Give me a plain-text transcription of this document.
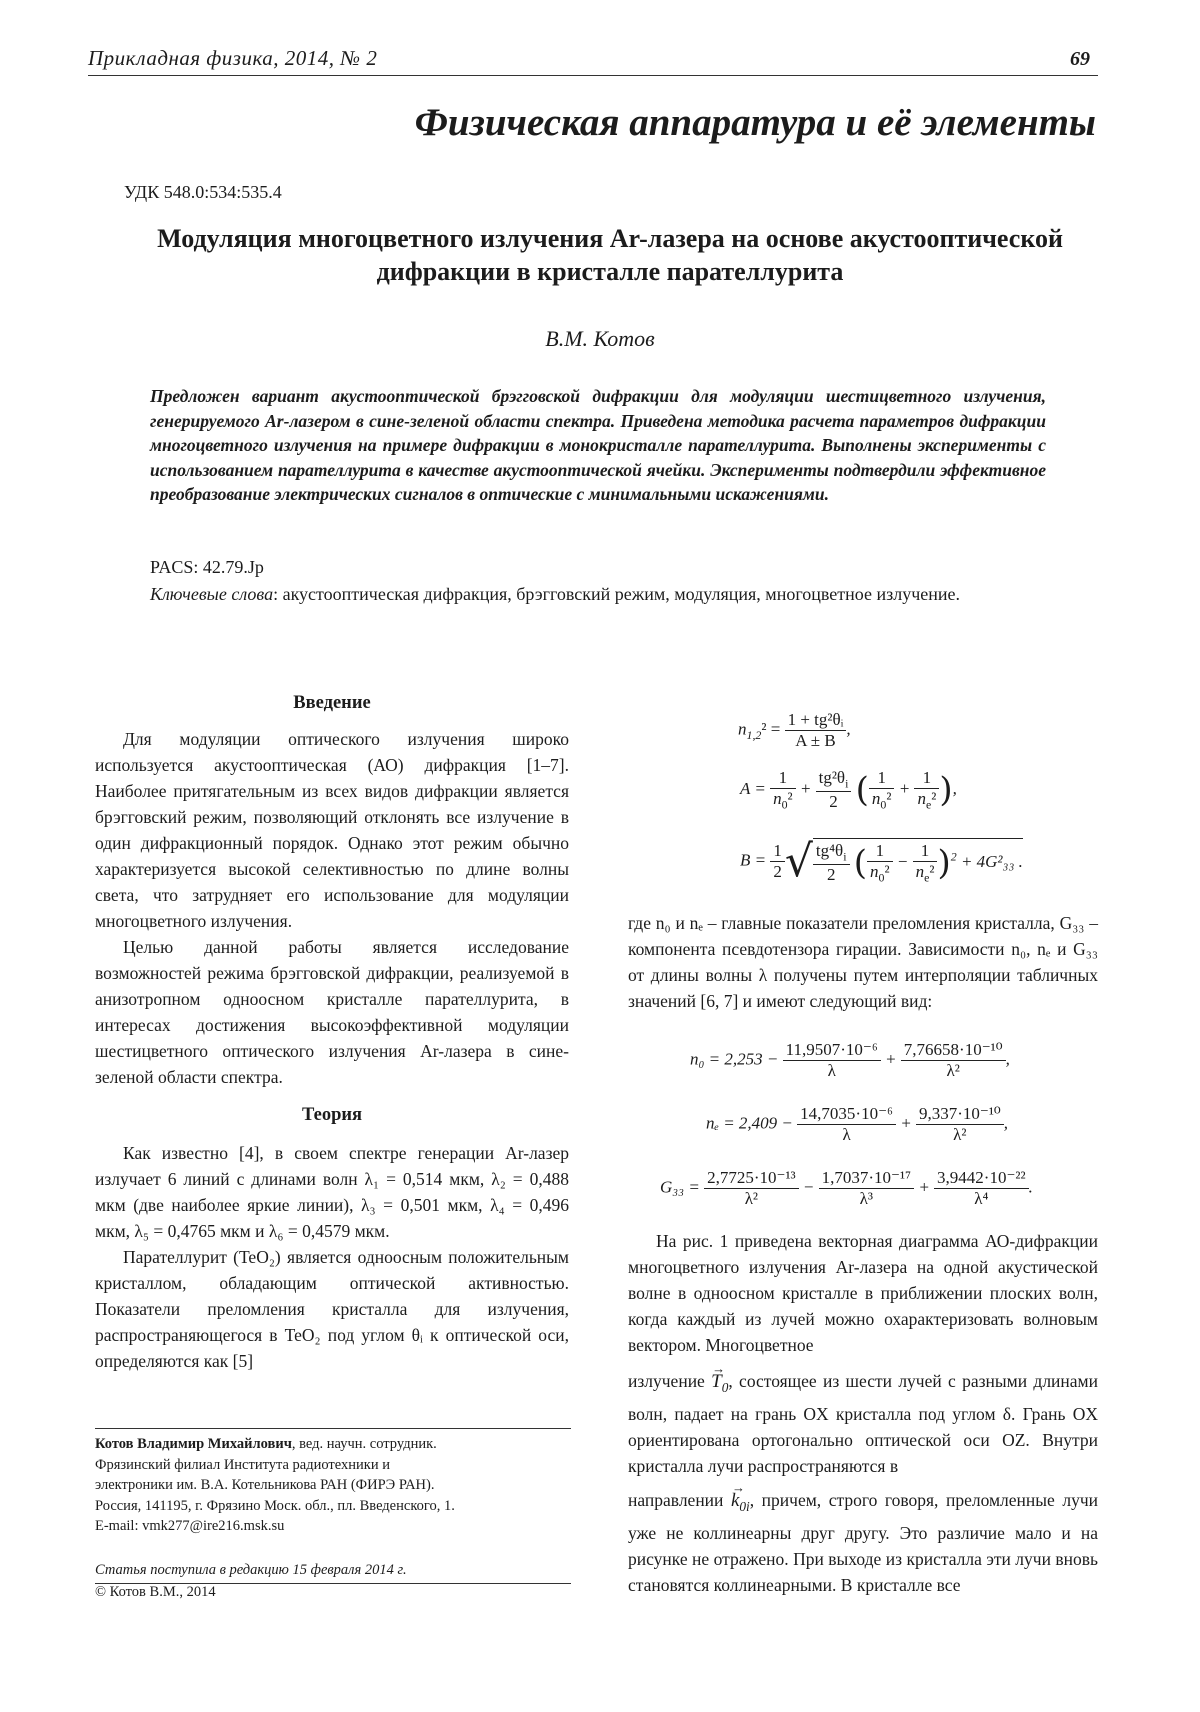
Прикладная физика, 2014, № 2	69
Физическая аппаратура и её элементы
УДК 548.0:534:535.4
Модуляция многоцветного излучения Ar-лазера на основе акустооптической дифракции в кристалле парателлурита
В.М. Котов
Предложен вариант акустооптической брэгговской дифракции для модуляции шестицветного излучения, генерируемого Ar-лазером в сине-зеленой области спектра. Приведена методика расчета параметров дифракции многоцветного излучения на примере дифракции в монокристалле парателлурита. Выполнены эксперименты с использованием парателлурита в качестве акустооптической ячейки. Эксперименты подтвердили эффективное преобразование электрических сигналов в оптические с минимальными искажениями.
PACS: 42.79.Jp
Ключевые слова: акустооптическая дифракция, брэгговский режим, модуляция, многоцветное излучение.

Введение

Для модуляции оптического излучения широко используется акустооптическая (АО) дифракция [1–7]. Наиболее притягательным из всех видов дифракции является брэгговский режим, позволяющий отклонять все излучение в один дифракционный порядок. Однако этот режим обычно характеризуется высокой селективностью по длине волны света, что затрудняет его использование для модуляции многоцветного излучения.

Целью данной работы является исследование возможностей режима брэгговской дифракции, реализуемой в анизотропном одноосном кристалле парателлурита, в интересах достижения высокоэффективной модуляции шестицветного оптического излучения Ar-лазера в сине-зеленой области спектра.

Теория

Как известно [4], в своем спектре генерации Ar-лазер излучает 6 линий с длинами волн λ₁ = 0,514 мкм, λ₂ = 0,488 мкм (две наиболее яркие линии), λ₃ = 0,501 мкм, λ₄ = 0,496 мкм, λ₅ = 0,4765 мкм и λ₆ = 0,4579 мкм.

Парателлурит (TeO₂) является одноосным положительным кристаллом, обладающим оптической активностью. Показатели преломления кристалла для излучения, распространяющегося в TeO₂ под углом θᵢ к оптической оси, определяются как [5]

$n_{1,2}^2 = \frac{\text{1 + tg²θᵢ}}{A \pm B}$ ,
$A = \frac{1}{n_0^2} + \frac{tg^2\theta_i}{2}$ ( $\frac{1}{n_0^2} + \frac{1}{n_e^2}$ ),
$B = \frac{1}{2}$ √ $\frac{tg^4\theta_i}{2}$ ( $\frac{1}{n_0^2} - \frac{1}{n_e^2} )^2 + 4G^2_{33}$ .

где n₀ и nₑ – главные показатели преломления кристалла, G₃₃ – компонента псевдотензора гирации. Зависимости n₀, nₑ и G₃₃ от длины волны λ получены путем интерполяции табличных значений [6, 7] и имеют следующий вид:

$n_0 = 2,253 - \frac{\text{11,9507·10⁻⁶}}{\lambda} + \frac{\text{7,76658·10⁻¹⁰}}{\text{λ²}}$ ,
$n_e = 2,409 - \frac{\text{14,7035·10⁻⁶}}{\lambda} + \frac{\text{9,337·10⁻¹⁰}}{\text{λ²}}$ ,
$G_{33} = \frac{\text{2,7725·10⁻¹³}}{\text{λ²}} - \frac{\text{1,7037·10⁻¹⁷}}{\text{λ³}} + \frac{\text{3,9442·10⁻²²}}{\text{λ⁴}}$ .

На рис. 1 приведена векторная диаграмма АО-дифракции многоцветного излучения Ar-лазера на одной акустической волне в одноосном кристалле в приближении плоских волн, когда каждый из лучей можно охарактеризовать волновым вектором. Многоцветное

излучение → $T_0$, состоящее из шести лучей с разными длинами волн, падает на грань OX кристалла под углом δ. Грань OX ориентирована ортогонально оптической оси OZ. Внутри кристалла лучи распространяются в

направлении → $k_{0i}$, причем, строго говоря, преломленные лучи уже не коллинеарны друг другу. Это различие мало и на рисунке не отражено. При выходе из кристалла эти лучи вновь становятся коллинеарными. В кристалле все

Котов Владимир Михайлович, вед. научн. сотрудник.
Фрязинский филиал Института радиотехники и
электроники им. В.А. Котельникова РАН (ФИРЭ РАН).
Россия, 141195, г. Фрязино Моск. обл., пл. Введенского, 1.
E-mail: vmk277@ire216.msk.su
Статья поступила в редакцию 15 февраля 2014 г.
© Котов В.М., 2014
